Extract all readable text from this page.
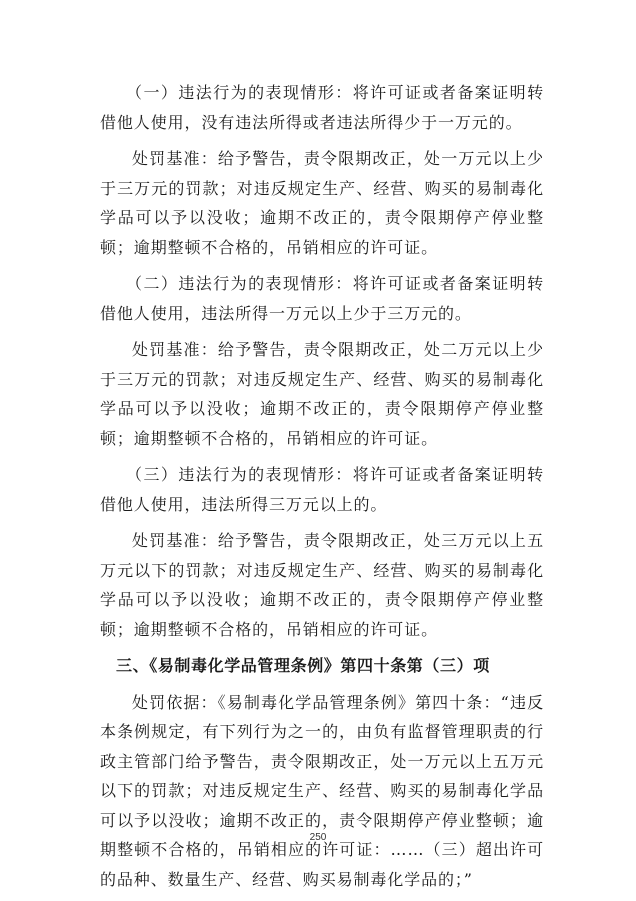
（一）违法行为的表现情形：将许可证或者备案证明转借他人使用，没有违法所得或者违法所得少于一万元的。

处罚基准：给予警告，责令限期改正，处一万元以上少于三万元的罚款；对违反规定生产、经营、购买的易制毒化学品可以予以没收；逾期不改正的，责令限期停产停业整顿；逾期整顿不合格的，吊销相应的许可证。

（二）违法行为的表现情形：将许可证或者备案证明转借他人使用，违法所得一万元以上少于三万元的。

处罚基准：给予警告，责令限期改正，处二万元以上少于三万元的罚款；对违反规定生产、经营、购买的易制毒化学品可以予以没收；逾期不改正的，责令限期停产停业整顿；逾期整顿不合格的，吊销相应的许可证。

（三）违法行为的表现情形：将许可证或者备案证明转借他人使用，违法所得三万元以上的。

处罚基准：给予警告，责令限期改正，处三万元以上五万元以下的罚款；对违反规定生产、经营、购买的易制毒化学品可以予以没收；逾期不改正的，责令限期停产停业整顿；逾期整顿不合格的，吊销相应的许可证。

三、《易制毒化学品管理条例》第四十条第（三）项

处罚依据：《易制毒化学品管理条例》第四十条：“违反本条例规定，有下列行为之一的，由负有监督管理职责的行政主管部门给予警告，责令限期改正，处一万元以上五万元以下的罚款；对违反规定生产、经营、购买的易制毒化学品可以予以没收；逾期不改正的，责令限期停产停业整顿；逾期整顿不合格的，吊销相应的许可证：……（三）超出许可的品种、数量生产、经营、购买易制毒化学品的；”

250
